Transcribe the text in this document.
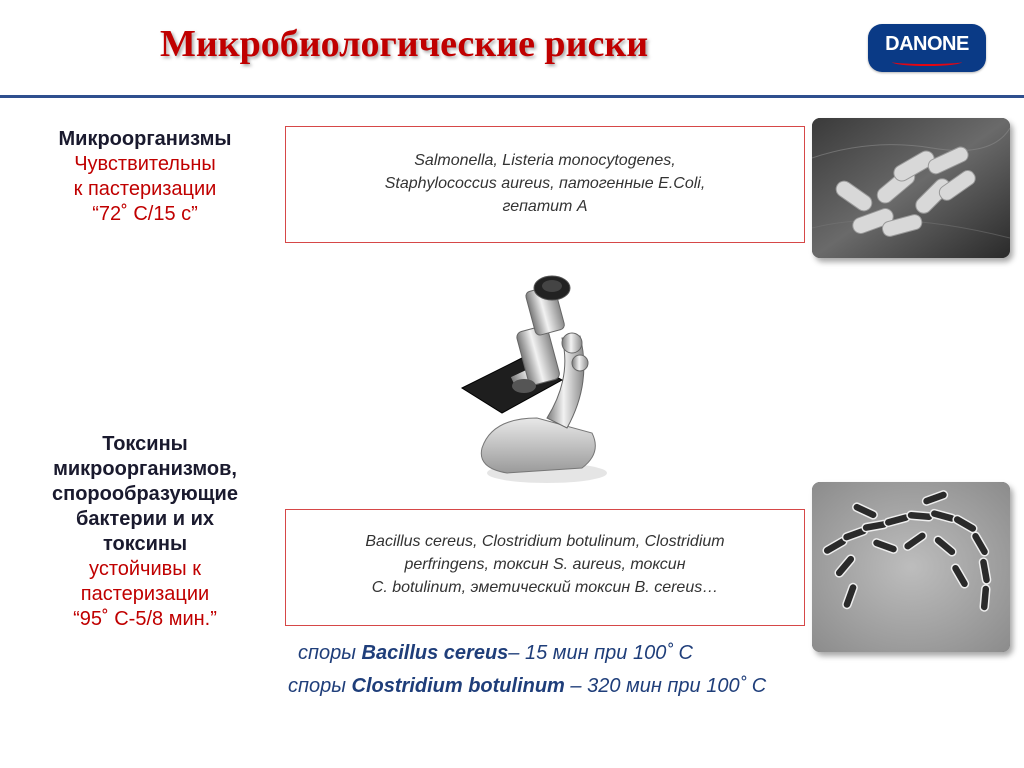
Микробиологические риски	DANONE
Микроорганизмы
Чувствительны
к пастеризации
“72˚ С/15 с”
Salmonella, Listeria monocytogenes,
Staphylococcus aureus, патогенные E.Coli,
гепатит А
Токсины
микроорганизмов,
спорообразующие
бактерии и их
токсины
устойчивы к
пастеризации
“95˚ С-5/8 мин.”
Bacillus cereus, Clostridium botulinum, Clostridium
perfringens, токсин S. aureus, токсин
C. botulinum, эметический токсин B. cereus…
споры Bacillus cereus– 15 мин при 100˚ С
споры Clostridium botulinum – 320 мин при 100˚ С
